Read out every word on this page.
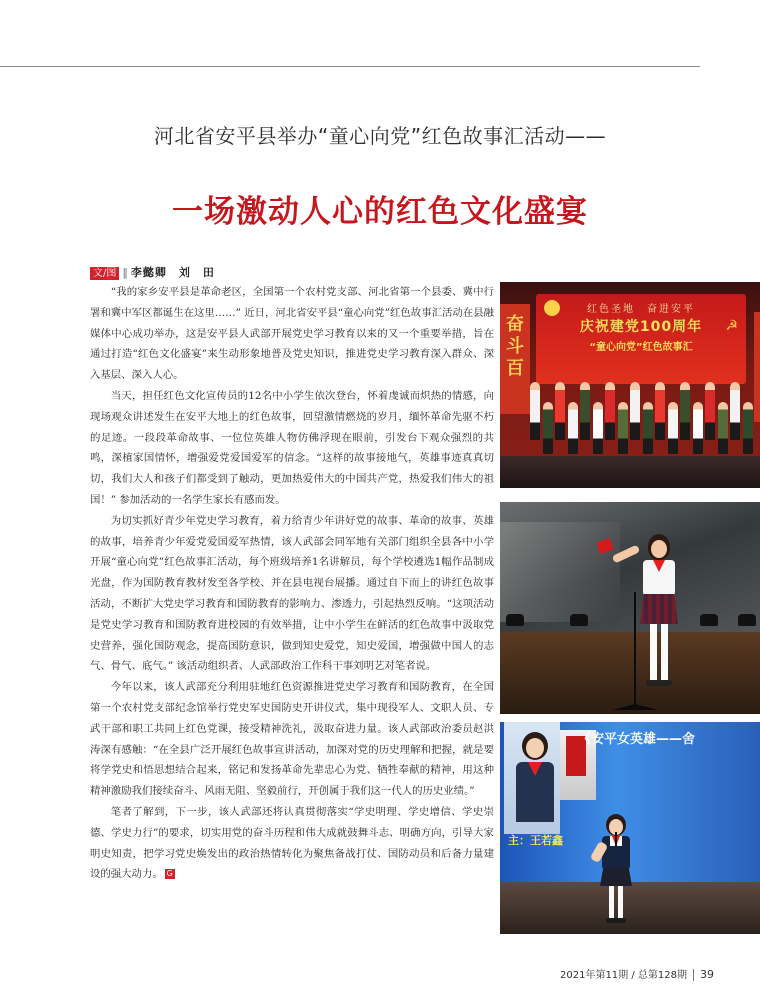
河北省安平县举办“童心向党”红色故事汇活动——
一场激动人心的红色文化盛宴
文/图 ‖ 李懿卿　刘　田

“我的家乡安平县是革命老区，全国第一个农村党支部、河北省第一个县委、冀中行署和冀中军区都诞生在这里……” 近日，河北省安平县“童心向党”红色故事汇活动在县融媒体中心成功举办，这是安平县人武部开展党史学习教育以来的又一个重要举措，旨在通过打造“红色文化盛宴”来生动形象地普及党史知识，推进党史学习教育深入群众、深入基层、深入人心。

当天，担任红色文化宣传员的12名中小学生依次登台，怀着虔诚而炽热的情感，向现场观众讲述发生在安平大地上的红色故事，回望激情燃烧的岁月，缅怀革命先驱不朽的足迹。一段段革命故事、一位位英雄人物仿佛浮现在眼前，引发台下观众强烈的共鸣，深植家国情怀，增强爱党爱国爱军的信念。“这样的故事接地气，英雄事迹真真切切，我们大人和孩子们都受到了触动，更加热爱伟大的中国共产党，热爱我们伟大的祖国！” 参加活动的一名学生家长有感而发。

为切实抓好青少年党史学习教育，着力给青少年讲好党的故事、革命的故事、英雄的故事，培养青少年爱党爱国爱军热情，该人武部会同军地有关部门组织全县各中小学开展“童心向党”红色故事汇活动，每个班级培养1名讲解员，每个学校遴选1幅作品制成光盘，作为国防教育教材发至各学校、并在县电视台展播。通过自下而上的讲红色故事活动，不断扩大党史学习教育和国防教育的影响力、渗透力，引起热烈反响。“这项活动是党史学习教育和国防教育进校园的有效举措，让中小学生在鲜活的红色故事中汲取党史营养，强化国防观念，提高国防意识，做到知史爱党，知史爱国，增强做中国人的志气、骨气、底气。” 该活动组织者、人武部政治工作科干事刘明艺对笔者说。

今年以来，该人武部充分利用驻地红色资源推进党史学习教育和国防教育，在全国第一个农村党支部纪念馆举行党史军史国防史开讲仪式，集中现役军人、文职人员、专武干部和职工共同上红色党课，接受精神洗礼，汲取奋进力量。该人武部政治委员赵洪涛深有感触：“在全县广泛开展红色故事宣讲活动，加深对党的历史理解和把握，就是要将学党史和悟思想结合起来，铭记和发扬革命先辈忠心为党、牺牲奉献的精神，用这种精神激励我们接续奋斗、风雨无阻、坚毅前行，开创属于我们这一代人的历史业绩。”

笔者了解到，下一步，该人武部还将认真贯彻落实“学史明理、学史增信、学史崇德、学史力行”的要求，切实用党的奋斗历程和伟大成就鼓舞斗志、明确方向，引导大家明史知责，把学习党史焕发出的政治热情转化为聚焦备战打仗、国防动员和后备力量建设的强大动力。 G

奋斗百
☭
红色圣地　奋进安平
庆祝建党100周年
“童心向党”红色故事汇
《安平女英雄——舍
主：王若鑫
2021年第11期 / 总第128期 39
